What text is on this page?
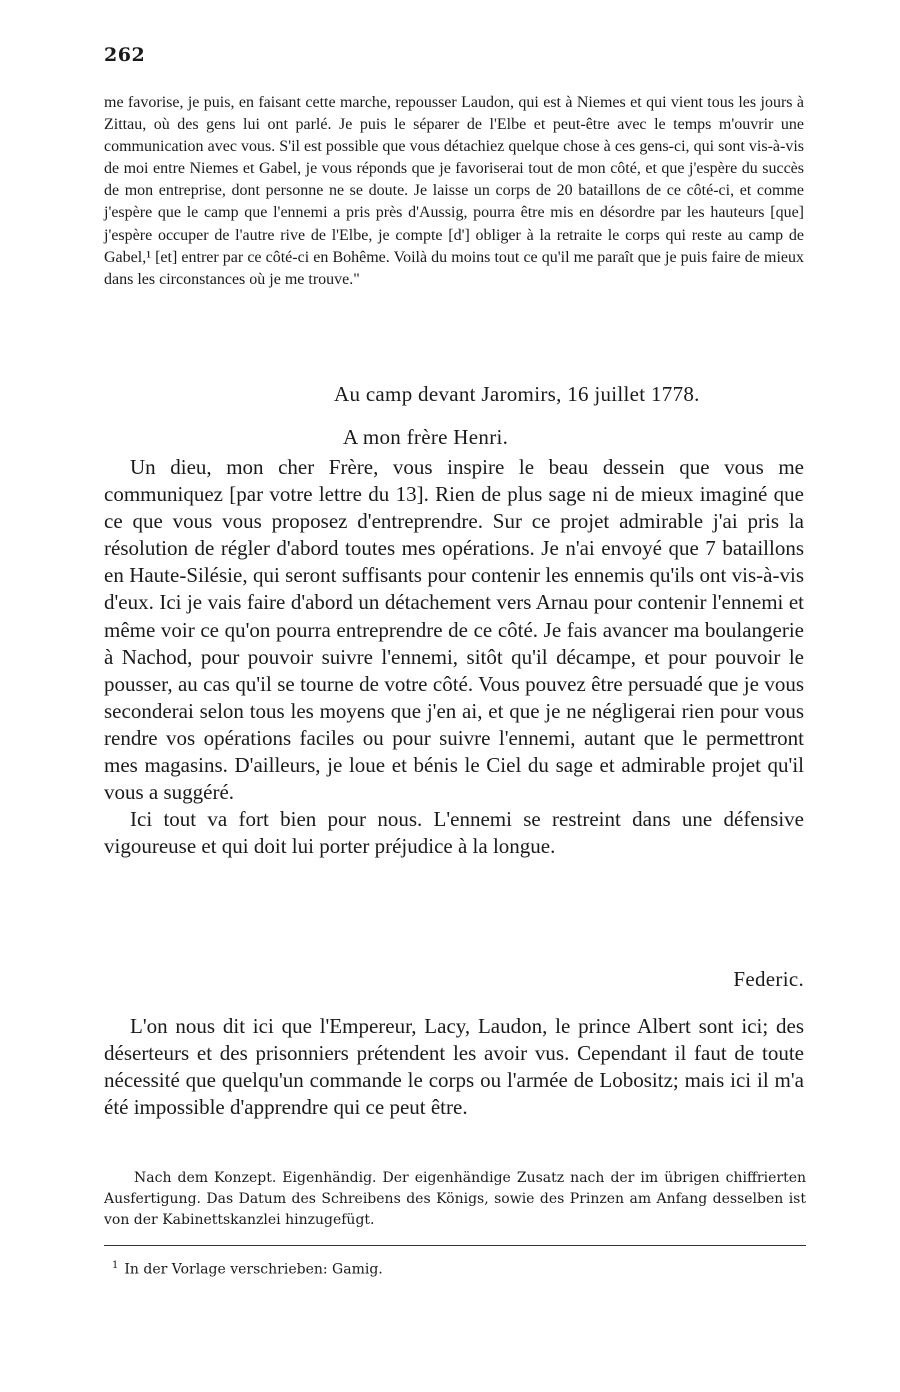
262

me favorise, je puis, en faisant cette marche, repousser Laudon, qui est à Niemes et qui vient tous les jours à Zittau, où des gens lui ont parlé. Je puis le séparer de l'Elbe et peut-être avec le temps m'ouvrir une communication avec vous. S'il est possible que vous détachiez quelque chose à ces gens-ci, qui sont vis-à-vis de moi entre Niemes et Gabel, je vous réponds que je favoriserai tout de mon côté, et que j'espère du succès de mon entreprise, dont personne ne se doute. Je laisse un corps de 20 bataillons de ce côté-ci, et comme j'espère que le camp que l'ennemi a pris près d'Aussig, pourra être mis en désordre par les hauteurs [que] j'espère occuper de l'autre rive de l'Elbe, je compte [d'] obliger à la retraite le corps qui reste au camp de Gabel,¹ [et] entrer par ce côté-ci en Bohême. Voilà du moins tout ce qu'il me paraît que je puis faire de mieux dans les circonstances où je me trouve."

Au camp devant Jaromirs, 16 juillet 1778.
A mon frère Henri.

Un dieu, mon cher Frère, vous inspire le beau dessein que vous me communiquez [par votre lettre du 13]. Rien de plus sage ni de mieux imaginé que ce que vous vous proposez d'entreprendre. Sur ce projet admirable j'ai pris la résolution de régler d'abord toutes mes opérations. Je n'ai envoyé que 7 bataillons en Haute-Silésie, qui seront suffisants pour contenir les ennemis qu'ils ont vis-à-vis d'eux. Ici je vais faire d'abord un détachement vers Arnau pour contenir l'ennemi et même voir ce qu'on pourra entreprendre de ce côté. Je fais avancer ma boulangerie à Nachod, pour pouvoir suivre l'ennemi, sitôt qu'il décampe, et pour pouvoir le pousser, au cas qu'il se tourne de votre côté. Vous pouvez être persuadé que je vous seconderai selon tous les moyens que j'en ai, et que je ne négligerai rien pour vous rendre vos opérations faciles ou pour suivre l'ennemi, autant que le permettront mes magasins. D'ailleurs, je loue et bénis le Ciel du sage et admirable projet qu'il vous a suggéré.

Ici tout va fort bien pour nous. L'ennemi se restreint dans une défensive vigoureuse et qui doit lui porter préjudice à la longue.

Federic.

L'on nous dit ici que l'Empereur, Lacy, Laudon, le prince Albert sont ici; des déserteurs et des prisonniers prétendent les avoir vus. Cependant il faut de toute nécessité que quelqu'un commande le corps ou l'armée de Lobositz; mais ici il m'a été impossible d'apprendre qui ce peut être.

Nach dem Konzept. Eigenhändig. Der eigenhändige Zusatz nach der im übrigen chiffrierten Ausfertigung. Das Datum des Schreibens des Königs, sowie des Prinzen am Anfang desselben ist von der Kabinettskanzlei hinzugefügt.

$^1$ In der Vorlage verschrieben: Gamig.
